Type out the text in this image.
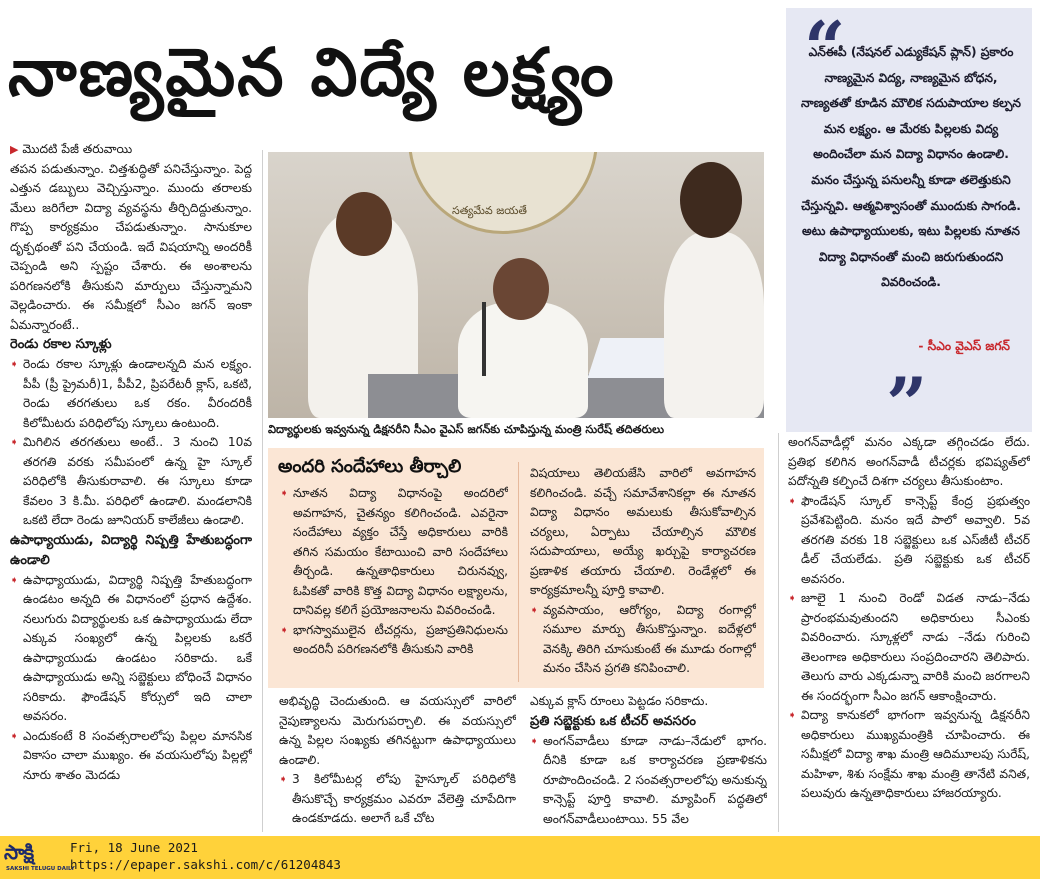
నాణ్యమైన విద్యే లక్ష్యం

▶ మొదటి పేజీ తరువాయి

తపన పడుతున్నాం. చిత్తశుద్ధితో పనిచేస్తున్నాం. పెద్ద ఎత్తున డబ్బులు వెచ్చిస్తున్నాం. ముందు తరాలకు మేలు జరిగేలా విద్యా వ్యవస్థను తీర్చిదిద్దుతున్నాం. గొప్ప కార్యక్రమం చేపడుతున్నాం. సానుకూల దృక్పథంతో పని చేయండి. ఇదే విషయాన్ని అందరికీ చెప్పండి అని స్పష్టం చేశారు. ఈ అంశాలను పరిగణనలోకి తీసుకుని మార్పులు చేస్తున్నామని వెల్లడించారు. ఈ సమీక్షలో సీఎం జగన్ ఇంకా ఏమన్నారంటే..

రెండు రకాల స్కూళ్లు

➧ రెండు రకాల స్కూళ్లు ఉండాలన్నది మన లక్ష్యం. పీపీ (ప్రీ ప్రైమరీ)1, పీపీ2, ప్రిపరేటరీ క్లాస్, ఒకటి, రెండు తరగతులు ఒక రకం. వీరందరికీ కిలోమీటరు పరిధిలోపు స్కూలు ఉంటుంది.

➧ మిగిలిన తరగతులు అంటే.. 3 నుంచి 10వ తరగతి వరకు సమీపంలో ఉన్న హై స్కూల్ పరిధిలోకి తీసుకురావాలి. ఈ స్కూలు కూడా కేవలం 3 కి.మీ. పరిధిలో ఉండాలి. మండలానికి ఒకటి లేదా రెండు జూనియర్ కాలేజీలు ఉండాలి.

ఉపాధ్యాయుడు, విద్యార్థి నిష్పత్తి హేతుబద్ధంగా ఉండాలి

➧ ఉపాధ్యాయుడు, విద్యార్థి నిష్పత్తి హేతుబద్ధంగా ఉండటం అన్నది ఈ విధానంలో ప్రధాన ఉద్దేశం. నలుగురు విద్యార్థులకు ఒక ఉపాధ్యాయుడు లేదా ఎక్కువ సంఖ్యలో ఉన్న పిల్లలకు ఒకరే ఉపాధ్యాయుడు ఉండటం సరికాదు. ఒకే ఉపాధ్యాయుడు అన్ని సబ్జెక్టులు బోధించే విధానం సరికాదు. ఫౌండేషన్ కోర్సులో ఇది చాలా అవసరం.

➧ ఎందుకంటే 8 సంవత్సరాలలోపు పిల్లల మానసిక వికాసం చాలా ముఖ్యం. ఈ వయసులోపు పిల్లల్లో నూరు శాతం మెదడు

సత్యమేవ జయతే
విద్యార్థులకు ఇవ్వనున్న డిక్షనరీని సీఎం వైఎస్ జగన్‌కు చూపిస్తున్న మంత్రి సురేష్ తదితరులు
“
ఎన్‌ఈపీ (నేషనల్ ఎడ్యుకేషన్ ప్లాన్) ప్రకారం నాణ్యమైన విద్య, నాణ్యమైన బోధన, నాణ్యతతో కూడిన మౌలిక సదుపాయాల కల్పన మన లక్ష్యం. ఆ మేరకు పిల్లలకు విద్య అందించేలా మన విద్యా విధానం ఉండాలి. మనం చేస్తున్న పనులన్నీ కూడా తలెత్తుకుని చేస్తున్నవి. ఆత్మవిశ్వాసంతో ముందుకు సాగండి. అటు ఉపాధ్యాయులకు, ఇటు పిల్లలకు నూతన విద్యా విధానంతో మంచి జరుగుతుందని వివరించండి.
- సీఎం వైఎస్ జగన్
”
అందరి సందేహాలు తీర్చాలి

➧ నూతన విద్యా విధానంపై అందరిలో అవగాహన, చైతన్యం కలిగించండి. ఎవరైనా సందేహాలు వ్యక్తం చేస్తే అధికారులు వారికి తగిన సమయం కేటాయించి వారి సందేహాలు తీర్చండి. ఉన్నతాధికారులు చిరునవ్వు, ఓపికతో వారికి కొత్త విద్యా విధానం లక్ష్యాలను, దానివల్ల కలిగే ప్రయోజనాలను వివరించండి.

➧ భాగస్వాములైన టీచర్లను, ప్రజాప్రతినిధులను అందరినీ పరిగణనలోకి తీసుకుని వారికి

విషయాలు తెలియజేసి వారిలో అవగాహన కలిగించండి. వచ్చే సమావేశానికల్లా ఈ నూతన విద్యా విధానం అమలుకు తీసుకోవాల్సిన చర్యలు, ఏర్పాటు చేయాల్సిన మౌలిక సదుపాయాలు, అయ్యే ఖర్చుపై కార్యాచరణ ప్రణాళిక తయారు చేయాలి. రెండేళ్లలో ఈ కార్యక్రమాలన్నీ పూర్తి కావాలి.

➧ వ్యవసాయం, ఆరోగ్యం, విద్యా రంగాల్లో సమూల మార్పు తీసుకొస్తున్నాం. ఐదేళ్లలో వెనక్కి తిరిగి చూసుకుంటే ఈ మూడు రంగాల్లో మనం చేసిన ప్రగతి కనిపించాలి.

అభివృద్ధి చెందుతుంది. ఆ వయస్సులో వారిలో నైపుణ్యాలను మెరుగుపర్చాలి. ఈ వయస్సులో ఉన్న పిల్లల సంఖ్యకు తగినట్టుగా ఉపాధ్యాయులు ఉండాలి.

➧ 3 కిలోమీటర్ల లోపు హైస్కూల్ పరిధిలోకి తీసుకొచ్చే కార్యక్రమం ఎవరూ వేలెత్తి చూపేదిగా ఉండకూడదు. అలాగే ఒకే చోట

ఎక్కువ క్లాస్ రూంలు పెట్టడం సరికాదు.

ప్రతి సబ్జెక్టుకు ఒక టీచర్ అవసరం

➧ అంగన్‌వాడీలు కూడా నాడు–నేడులో భాగం. దీనికి కూడా ఒక కార్యాచరణ ప్రణాళికను రూపొందించండి. 2 సంవత్సరాలలోపు అనుకున్న కాన్సెప్ట్ పూర్తి కావాలి. మ్యాపింగ్ పద్ధతిలో అంగన్‌వాడీలుంటాయి. 55 వేల

అంగన్‌వాడీల్లో మనం ఎక్కడా తగ్గించడం లేదు. ప్రతిభ కలిగిన అంగన్‌వాడీ టీచర్లకు భవిష్యత్‌లో పదోన్నతి కల్పించే దిశగా చర్యలు తీసుకుంటాం.

➧ ఫౌండేషన్ స్కూల్ కాన్సెప్ట్ కేంద్ర ప్రభుత్వం ప్రవేశపెట్టింది. మనం ఇదే పాలో అవ్వాలి. 5వ తరగతి వరకు 18 సబ్జెక్టులు ఒక ఎస్‌జీటీ టీచర్ డీల్ చేయలేడు. ప్రతి సబ్జెక్టుకు ఒక టీచర్ అవసరం.

➧ జూలై 1 నుంచి రెండో విడత నాడు–నేడు ప్రారంభమవుతుందని అధికారులు సీఎంకు వివరించారు. స్కూళ్లలో నాడు –నేడు గురించి తెలంగాణ అధికారులు సంప్రదించారని తెలిపారు. తెలుగు వారు ఎక్కడున్నా వారికి మంచి జరగాలని ఈ సందర్భంగా సీఎం జగన్ ఆకాంక్షించారు.

➧ విద్యా కానుకలో భాగంగా ఇవ్వనున్న డిక్షనరీని అధికారులు ముఖ్యమంత్రికి చూపించారు. ఈ సమీక్షలో విద్యా శాఖ మంత్రి ఆదిమూలపు సురేష్, మహిళా, శిశు సంక్షేమ శాఖ మంత్రి తానేటి వనిత, పలువురు ఉన్నతాధికారులు హాజరయ్యారు.

సాక్షి
SAKSHI TELUGU DAILY
Fri, 18 June 2021
https://epaper.sakshi.com/c/61204843
